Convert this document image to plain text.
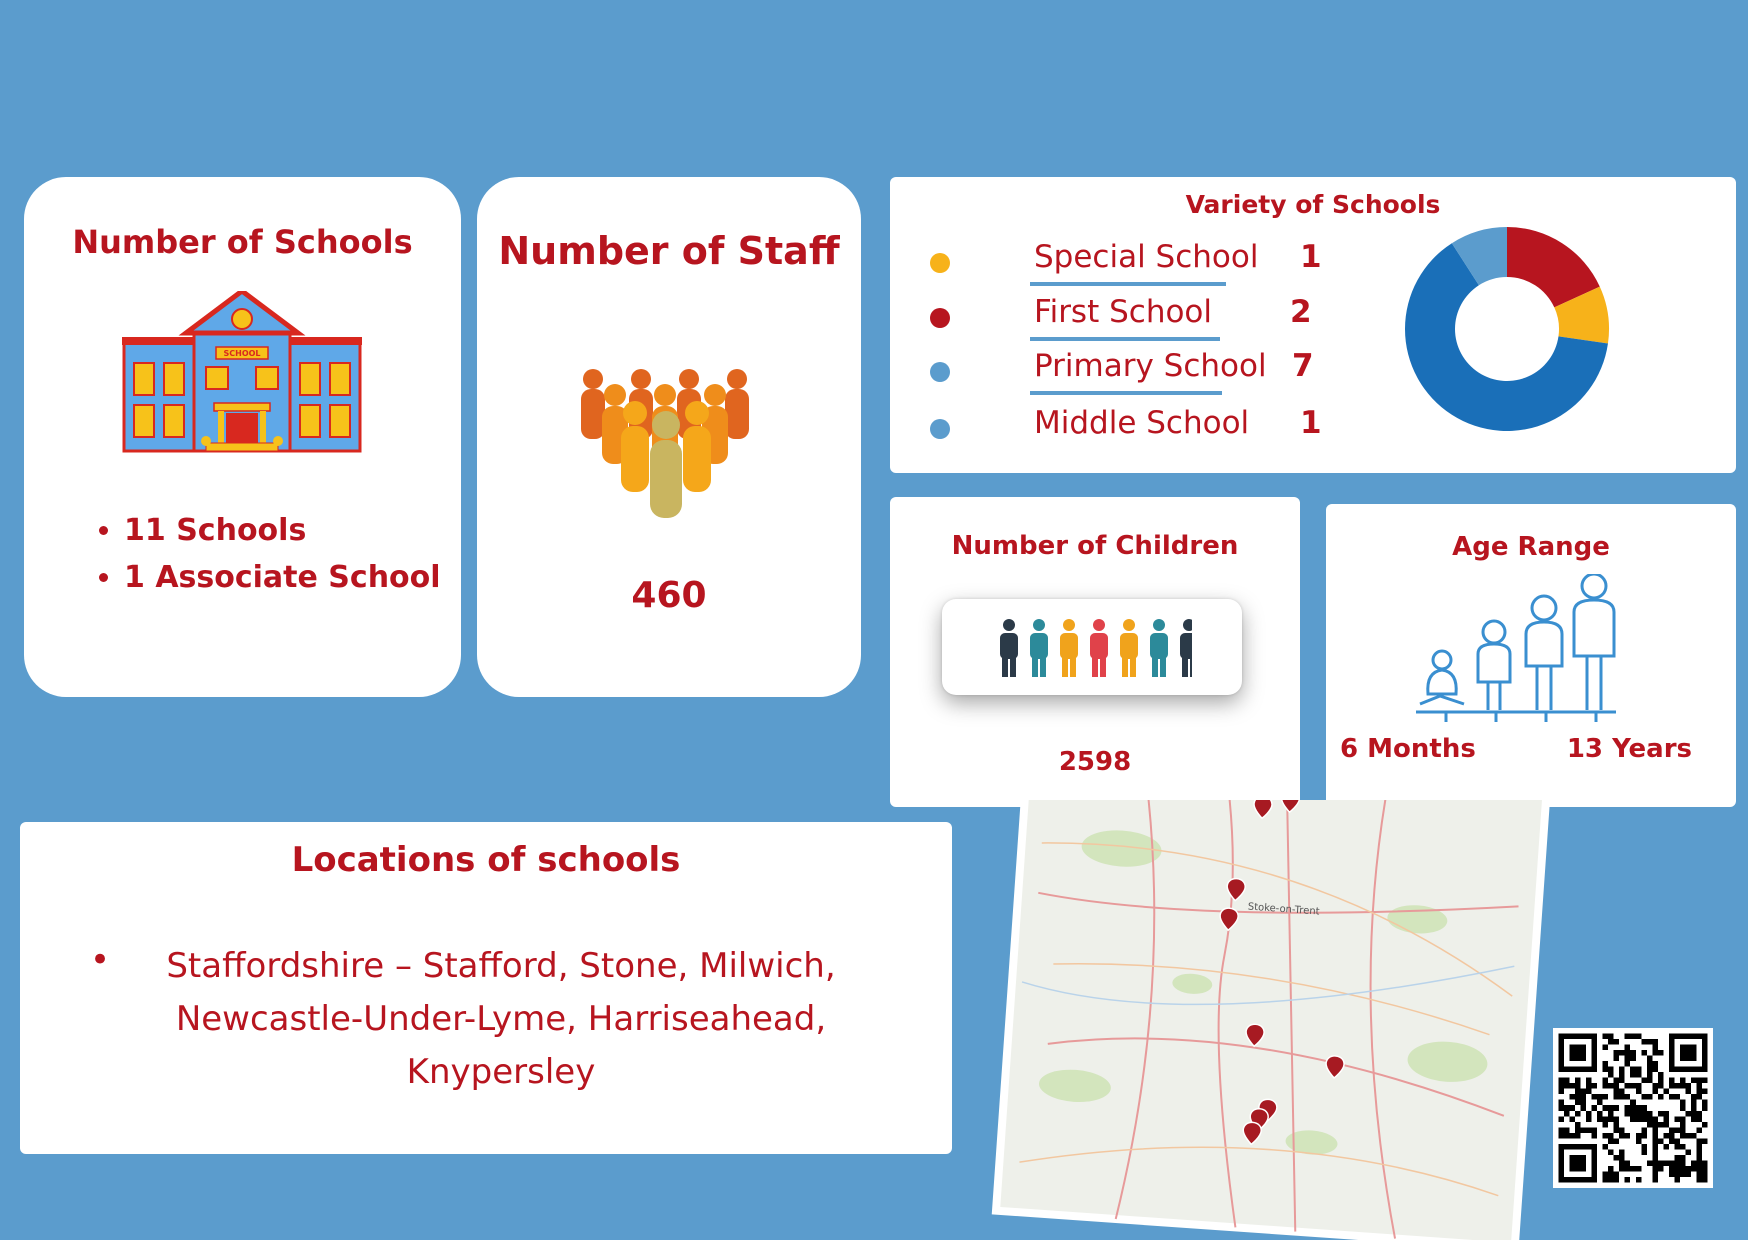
Number of Schools
SCHOOL
• 11 Schools
• 1 Associate School
Number of Staff
460
Variety of Schools
Special School 1
First School	2
Primary School 7
Middle School 1
Number of Children
2598
Age Range
6 Months	13 Years
Stoke-on-Trent
Locations of schools
•	Staffordshire – Stafford, Stone, Milwich, Newcastle-Under-Lyme, Harriseahead, Knypersley
